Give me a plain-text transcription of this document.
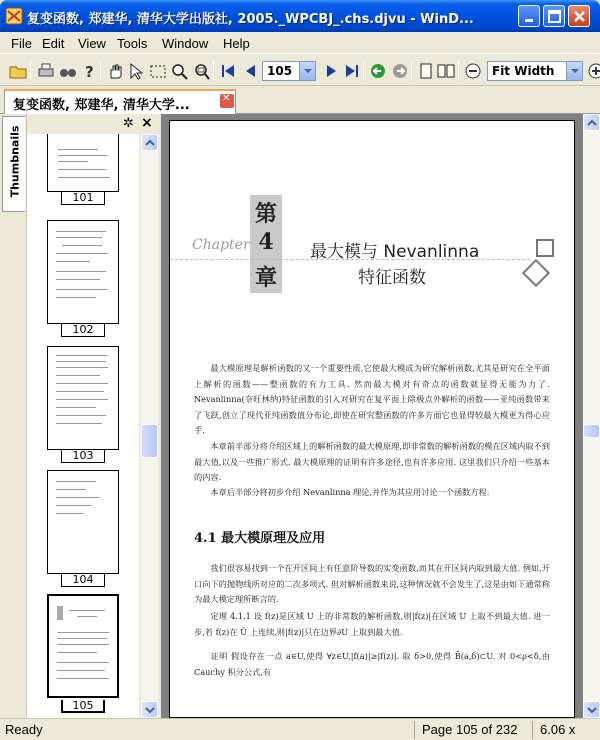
复变函数, 郑建华, 清华大学出版社, 2005._WPCBJ_.chs.djvu - WinD...
File Edit View Tools Window Help
?	105	Fit Width
复变函数, 郑建华, 清华大学...
✕
Thumbnails
✲ ×
101
102
103
104
105
第
4
章
Chapter	最大模与 Nevanlinna
特征函数
最大模原理是解析函数的又一个重要性质,它使最大模成为研究解析函数,尤其是研究在全平面上解析的函数——整函数的有力工具. 然而最大模对有奇点的函数就显得无能为力了. Nevanlinna(奈旺林纳)特征函数的引入对研究在复平面上除极点外解析的函数——亚纯函数带来了飞跃,创立了现代亚纯函数值分布论,即使在研究整函数的许多方面它也显得较最大模更为得心应手.
本章前半部分将介绍区域上的解析函数的最大模原理,即非常数的解析函数的模在区域内取不到最大值,以及一些推广形式. 最大模原理的证明有许多途径,也有许多应用. 这里我们只介绍一些基本的内容.
本章后半部分将初步介绍 Nevanlinna 理论,并作为其应用讨论一个函数方程.
4.1 最大模原理及应用
我们很容易找到一个在开区间上有任意阶导数的实变函数,而其在开区间内取到最大值. 例如,开口向下的抛物线所对应的二次多项式. 但对解析函数来说,这种情况就不会发生了,这是由如下通常称为最大模定理所断言的.
定理 4.1.1 设 f(z)是区域 U 上的非常数的解析函数,则|f(z)|在区域 U 上取不到最大值. 进一步,若 f(z)在 Ū 上连续,则|f(z)|只在边界∂U 上取到最大值.
证明 假设存在一点 a∈U,使得 ∀z∈U,|f(a)|≥|f(z)|. 取 δ>0,使得 B̄(a,δ)⊂U. 对 0<ρ<δ,由 Cauchy 积分公式,有
Ready	Page 105 of 232 6.06 x
